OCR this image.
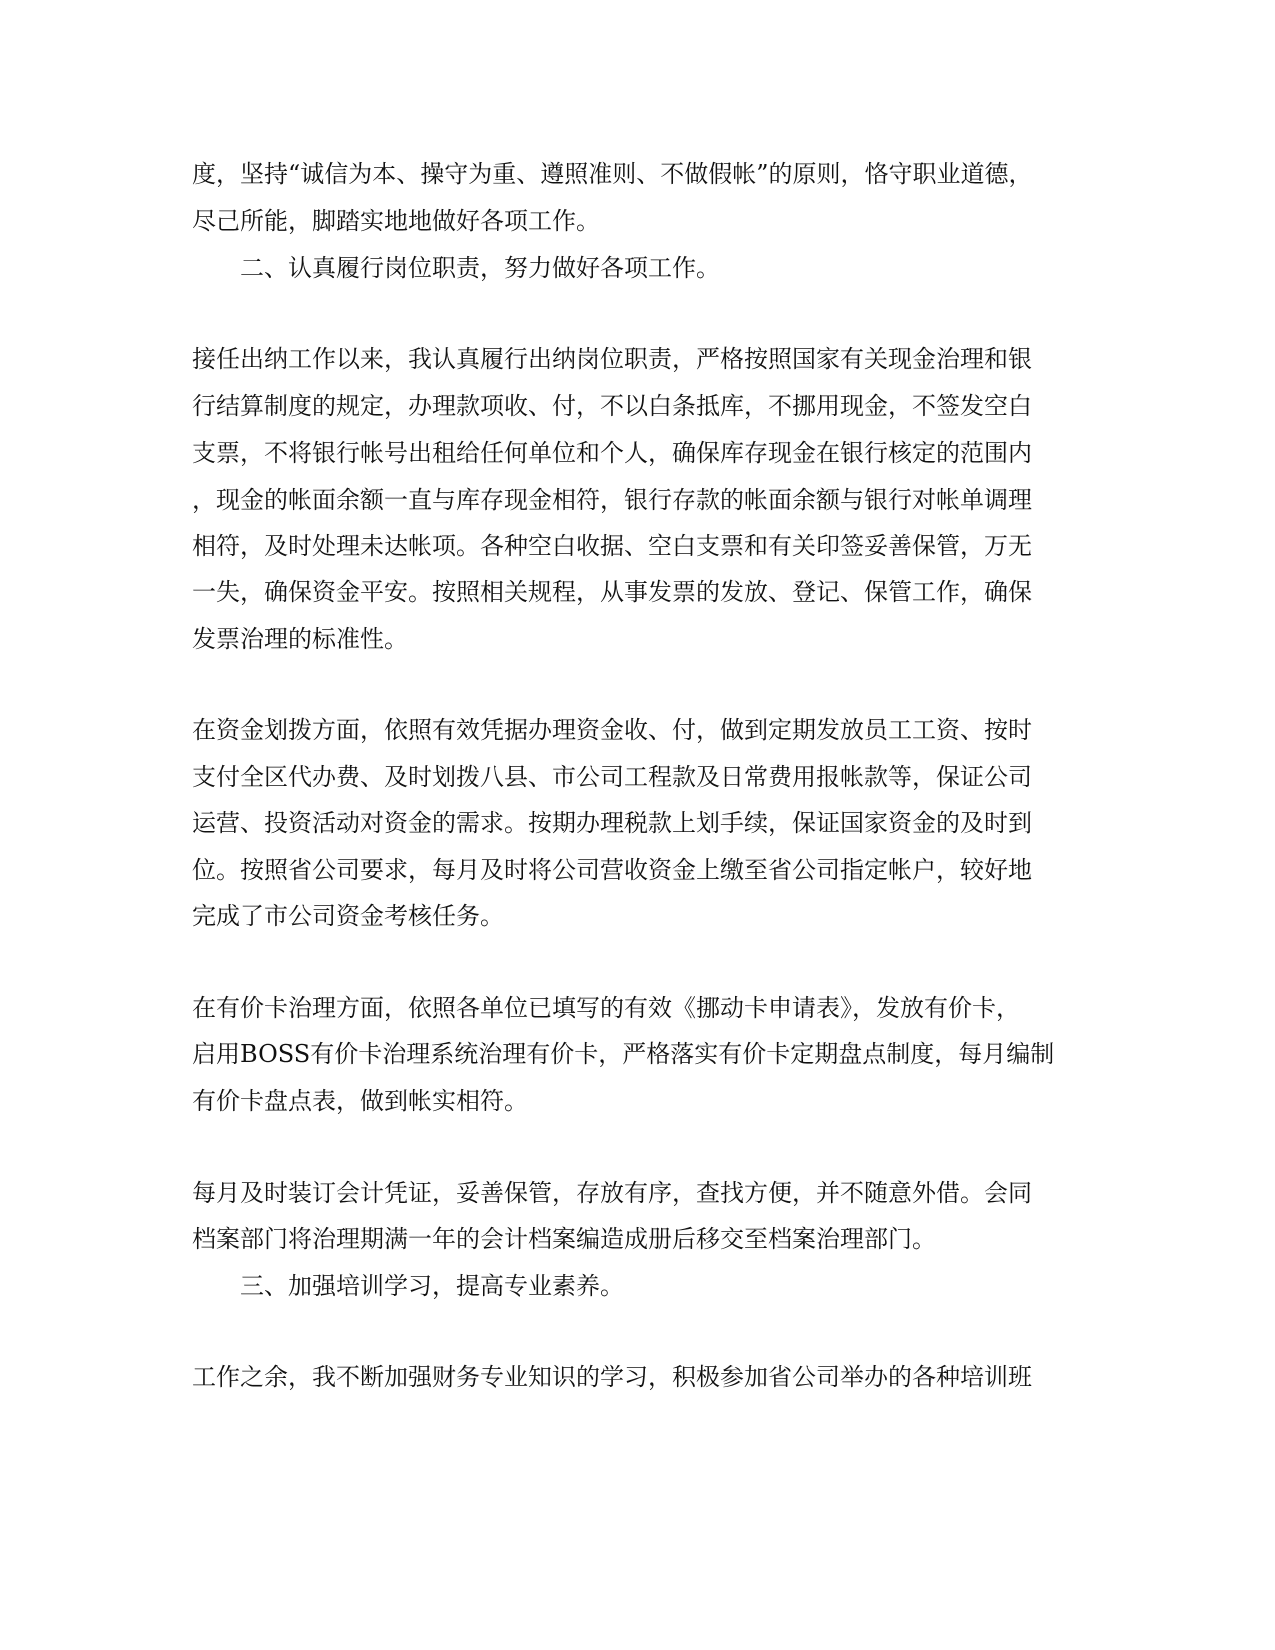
度，坚持“诚信为本、操守为重、遵照准则、不做假帐”的原则，恪守职业道德，
尽己所能，脚踏实地地做好各项工作。
二、认真履行岗位职责，努力做好各项工作。
接任出纳工作以来，我认真履行出纳岗位职责，严格按照国家有关现金治理和银
行结算制度的规定，办理款项收、付，不以白条抵库，不挪用现金，不签发空白
支票，不将银行帐号出租给任何单位和个人，确保库存现金在银行核定的范围内
，现金的帐面余额一直与库存现金相符，银行存款的帐面余额与银行对帐单调理
相符，及时处理未达帐项。各种空白收据、空白支票和有关印签妥善保管，万无
一失，确保资金平安。按照相关规程，从事发票的发放、登记、保管工作，确保
发票治理的标准性。
在资金划拨方面，依照有效凭据办理资金收、付，做到定期发放员工工资、按时
支付全区代办费、及时划拨八县、市公司工程款及日常费用报帐款等，保证公司
运营、投资活动对资金的需求。按期办理税款上划手续，保证国家资金的及时到
位。按照省公司要求，每月及时将公司营收资金上缴至省公司指定帐户，较好地
完成了市公司资金考核任务。
在有价卡治理方面，依照各单位已填写的有效《挪动卡申请表》，发放有价卡，
启用BOSS有价卡治理系统治理有价卡，严格落实有价卡定期盘点制度，每月编制
有价卡盘点表，做到帐实相符。
每月及时装订会计凭证，妥善保管，存放有序，查找方便，并不随意外借。会同
档案部门将治理期满一年的会计档案编造成册后移交至档案治理部门。
三、加强培训学习，提高专业素养。
工作之余，我不断加强财务专业知识的学习，积极参加省公司举办的各种培训班
